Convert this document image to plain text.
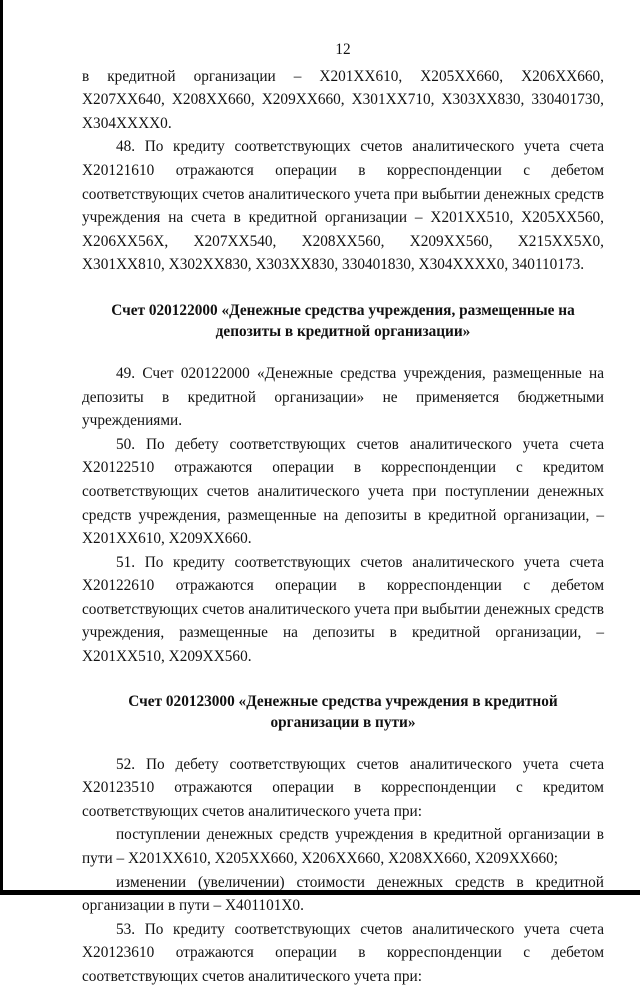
12

в кредитной организации – X201XX610, X205XX660, X206XX660, X207XX640, X208XX660, X209XX660, X301XX710, X303XX830, 330401730, X304XXXX0.

48. По кредиту соответствующих счетов аналитического учета счета X20121610 отражаются операции в корреспонденции с дебетом соответствующих счетов аналитического учета при выбытии денежных средств учреждения на счета в кредитной организации – X201XX510, X205XX560, X206XX56X, X207XX540, X208XX560, X209XX560, X215XX5X0, X301XX810, X302XX830, X303XX830, 330401830, X304XXXX0, 340110173.

Счет 020122000 «Денежные средства учреждения, размещенные на депозиты в кредитной организации»

49. Счет 020122000 «Денежные средства учреждения, размещенные на депозиты в кредитной организации» не применяется бюджетными учреждениями.

50. По дебету соответствующих счетов аналитического учета счета X20122510 отражаются операции в корреспонденции с кредитом соответствующих счетов аналитического учета при поступлении денежных средств учреждения, размещенные на депозиты в кредитной организации, – X201XX610, X209XX660.

51. По кредиту соответствующих счетов аналитического учета счета X20122610 отражаются операции в корреспонденции с дебетом соответствующих счетов аналитического учета при выбытии денежных средств учреждения, размещенные на депозиты в кредитной организации, – X201XX510, X209XX560.

Счет 020123000 «Денежные средства учреждения в кредитной организации в пути»

52. По дебету соответствующих счетов аналитического учета счета X20123510 отражаются операции в корреспонденции с кредитом соответствующих счетов аналитического учета при:

поступлении денежных средств учреждения в кредитной организации в пути – X201XX610, X205XX660, X206XX660, X208XX660, X209XX660;

изменении (увеличении) стоимости денежных средств в кредитной организации в пути – X401101X0.

53. По кредиту соответствующих счетов аналитического учета счета X20123610 отражаются операции в корреспонденции с дебетом соответствующих счетов аналитического учета при:
